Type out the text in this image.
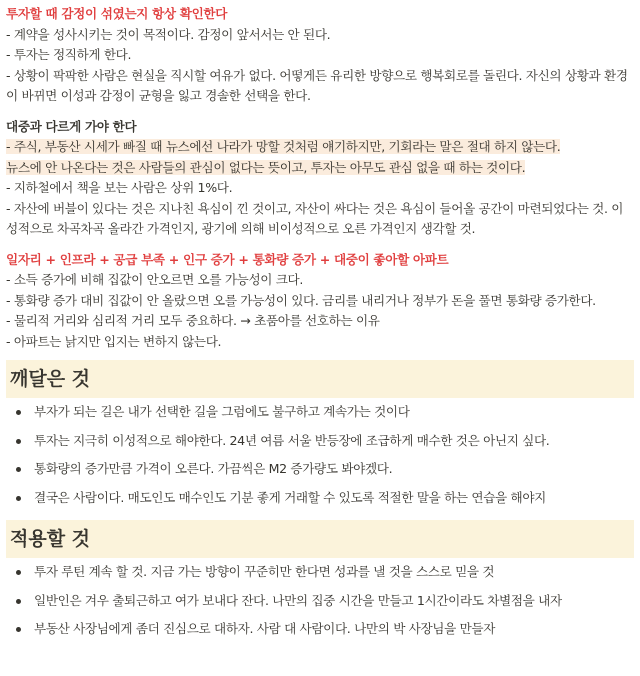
투자할 때 감정이 섞였는지 항상 확인한다
- 계약을 성사시키는 것이 목적이다. 감정이 앞서서는 안 된다.
- 투자는 정직하게 한다.
- 상황이 팍팍한 사람은 현실을 직시할 여유가 없다. 어떻게든 유리한 방향으로 행복회로를 돌린다. 자신의 상황과 환경이 바뀌면 이성과 감정이 균형을 잃고 경솔한 선택을 한다.
대중과 다르게 가야 한다
- 주식, 부동산 시세가 빠질 때 뉴스에선 나라가 망할 것처럼 얘기하지만, 기회라는 말은 절대 하지 않는다.
뉴스에 안 나온다는 것은 사람들의 관심이 없다는 뜻이고, 투자는 아무도 관심 없을 때 하는 것이다.
- 지하철에서 책을 보는 사람은 상위 1%다.
- 자산에 버블이 있다는 것은 지나친 욕심이 낀 것이고, 자산이 싸다는 것은 욕심이 들어올 공간이 마련되었다는 것. 이성적으로 차곡차곡 올라간 가격인지, 광기에 의해 비이성적으로 오른 가격인지 생각할 것.
일자리 + 인프라 + 공급 부족 + 인구 증가 + 통화량 증가 + 대중이 좋아할 아파트
- 소득 증가에 비해 집값이 안오르면 오를 가능성이 크다.
- 통화량 증가 대비 집값이 안 올랐으면 오를 가능성이 있다. 금리를 내리거나 정부가 돈을 풀면 통화량 증가한다.
- 물리적 거리와 심리적 거리 모두 중요하다. → 초품아를 선호하는 이유
- 아파트는 낡지만 입지는 변하지 않는다.
깨달은 것
부자가 되는 길은 내가 선택한 길을 그럼에도 불구하고 계속가는 것이다
투자는 지극히 이성적으로 해야한다. 24년 여름 서울 반등장에 조급하게 매수한 것은 아닌지 싶다.
통화량의 증가만큼 가격이 오른다. 가끔씩은 M2 증가량도 봐야겠다.
결국은 사람이다. 매도인도 매수인도 기분 좋게 거래할 수 있도록 적절한 말을 하는 연습을 해야지
적용할 것
투자 루틴 계속 할 것. 지금 가는 방향이 꾸준히만 한다면 성과를 낼 것을 스스로 믿을 것
일반인은 겨우 출퇴근하고 여가 보내다 잔다. 나만의 집중 시간을 만들고 1시간이라도 차별점을 내자
부동산 사장님에게 좀더 진심으로 대하자. 사람 대 사람이다. 나만의 박 사장님을 만들자
